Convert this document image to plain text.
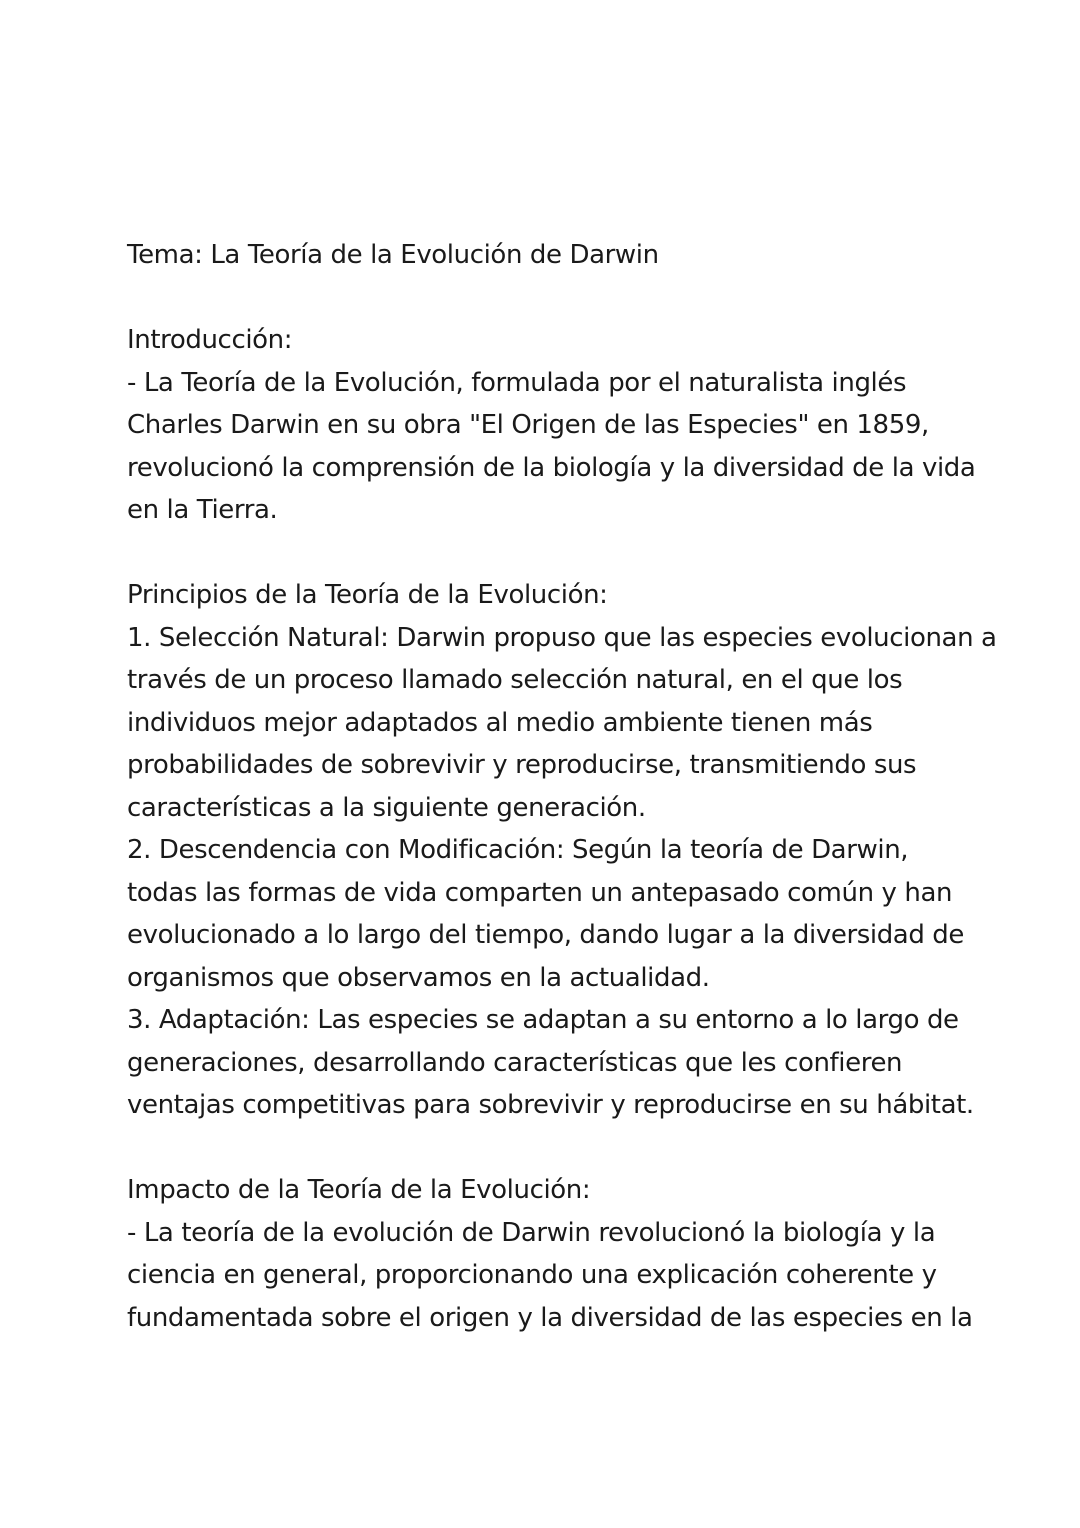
Tema: La Teoría de la Evolución de Darwin
Introducción:
- La Teoría de la Evolución, formulada por el naturalista inglés
Charles Darwin en su obra "El Origen de las Especies" en 1859,
revolucionó la comprensión de la biología y la diversidad de la vida
en la Tierra.
Principios de la Teoría de la Evolución:
1. Selección Natural: Darwin propuso que las especies evolucionan a
través de un proceso llamado selección natural, en el que los
individuos mejor adaptados al medio ambiente tienen más
probabilidades de sobrevivir y reproducirse, transmitiendo sus
características a la siguiente generación.
2. Descendencia con Modificación: Según la teoría de Darwin,
todas las formas de vida comparten un antepasado común y han
evolucionado a lo largo del tiempo, dando lugar a la diversidad de
organismos que observamos en la actualidad.
3. Adaptación: Las especies se adaptan a su entorno a lo largo de
generaciones, desarrollando características que les confieren
ventajas competitivas para sobrevivir y reproducirse en su hábitat.
Impacto de la Teoría de la Evolución:
- La teoría de la evolución de Darwin revolucionó la biología y la
ciencia en general, proporcionando una explicación coherente y
fundamentada sobre el origen y la diversidad de las especies en la
